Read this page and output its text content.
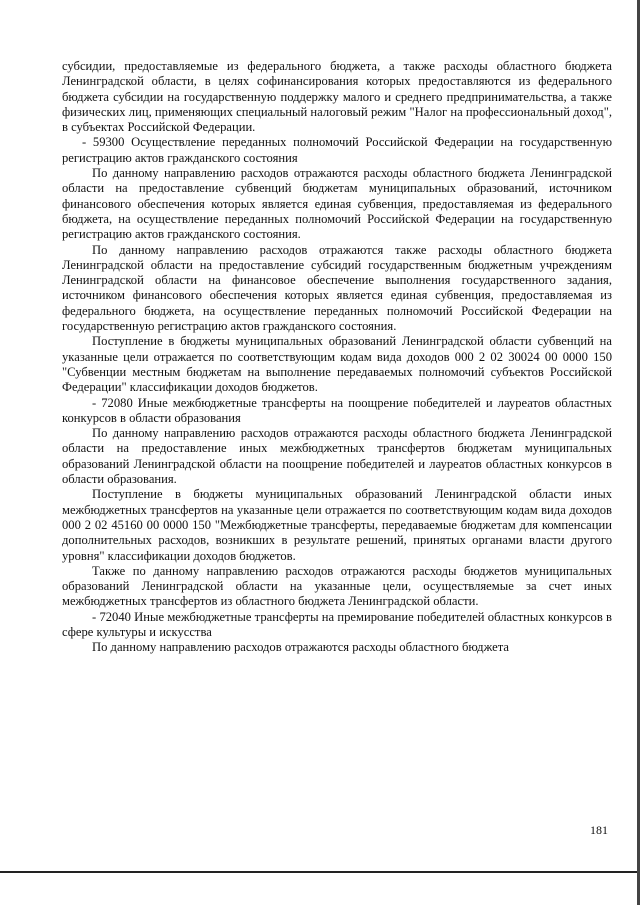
субсидии, предоставляемые из федерального бюджета, а также расходы областного бюджета Ленинградской области, в целях софинансирования которых предоставляются из федерального бюджета субсидии на государственную поддержку малого и среднего предпринимательства, а также физических лиц, применяющих специальный налоговый режим "Налог на профессиональный доход", в субъектах Российской Федерации.

- 59300 Осуществление переданных полномочий Российской Федерации на государственную регистрацию актов гражданского состояния

По данному направлению расходов отражаются расходы областного бюджета Ленинградской области на предоставление субвенций бюджетам муниципальных образований, источником финансового обеспечения которых является единая субвенция, предоставляемая из федерального бюджета, на осуществление переданных полномочий Российской Федерации на государственную регистрацию актов гражданского состояния.

По данному направлению расходов отражаются также расходы областного бюджета Ленинградской области на предоставление субсидий государственным бюджетным учреждениям Ленинградской области на финансовое обеспечение выполнения государственного задания, источником финансового обеспечения которых является единая субвенция, предоставляемая из федерального бюджета, на осуществление переданных полномочий Российской Федерации на государственную регистрацию актов гражданского состояния.

Поступление в бюджеты муниципальных образований Ленинградской области субвенций на указанные цели отражается по соответствующим кодам вида доходов 000 2 02 30024 00 0000 150 "Субвенции местным бюджетам на выполнение передаваемых полномочий субъектов Российской Федерации" классификации доходов бюджетов.

- 72080 Иные межбюджетные трансферты на поощрение победителей и лауреатов областных конкурсов в области образования

По данному направлению расходов отражаются расходы областного бюджета Ленинградской области на предоставление иных межбюджетных трансфертов бюджетам муниципальных образований Ленинградской области на поощрение победителей и лауреатов областных конкурсов в области образования.

Поступление в бюджеты муниципальных образований Ленинградской области иных межбюджетных трансфертов на указанные цели отражается по соответствующим кодам вида доходов 000 2 02 45160 00 0000 150 "Межбюджетные трансферты, передаваемые бюджетам для компенсации дополнительных расходов, возникших в результате решений, принятых органами власти другого уровня" классификации доходов бюджетов.

Также по данному направлению расходов отражаются расходы бюджетов муниципальных образований Ленинградской области на указанные цели, осуществляемые за счет иных межбюджетных трансфертов из областного бюджета Ленинградской области.

- 72040 Иные межбюджетные трансферты на премирование победителей областных конкурсов в сфере культуры и искусства

По данному направлению расходов отражаются расходы областного бюджета

181
